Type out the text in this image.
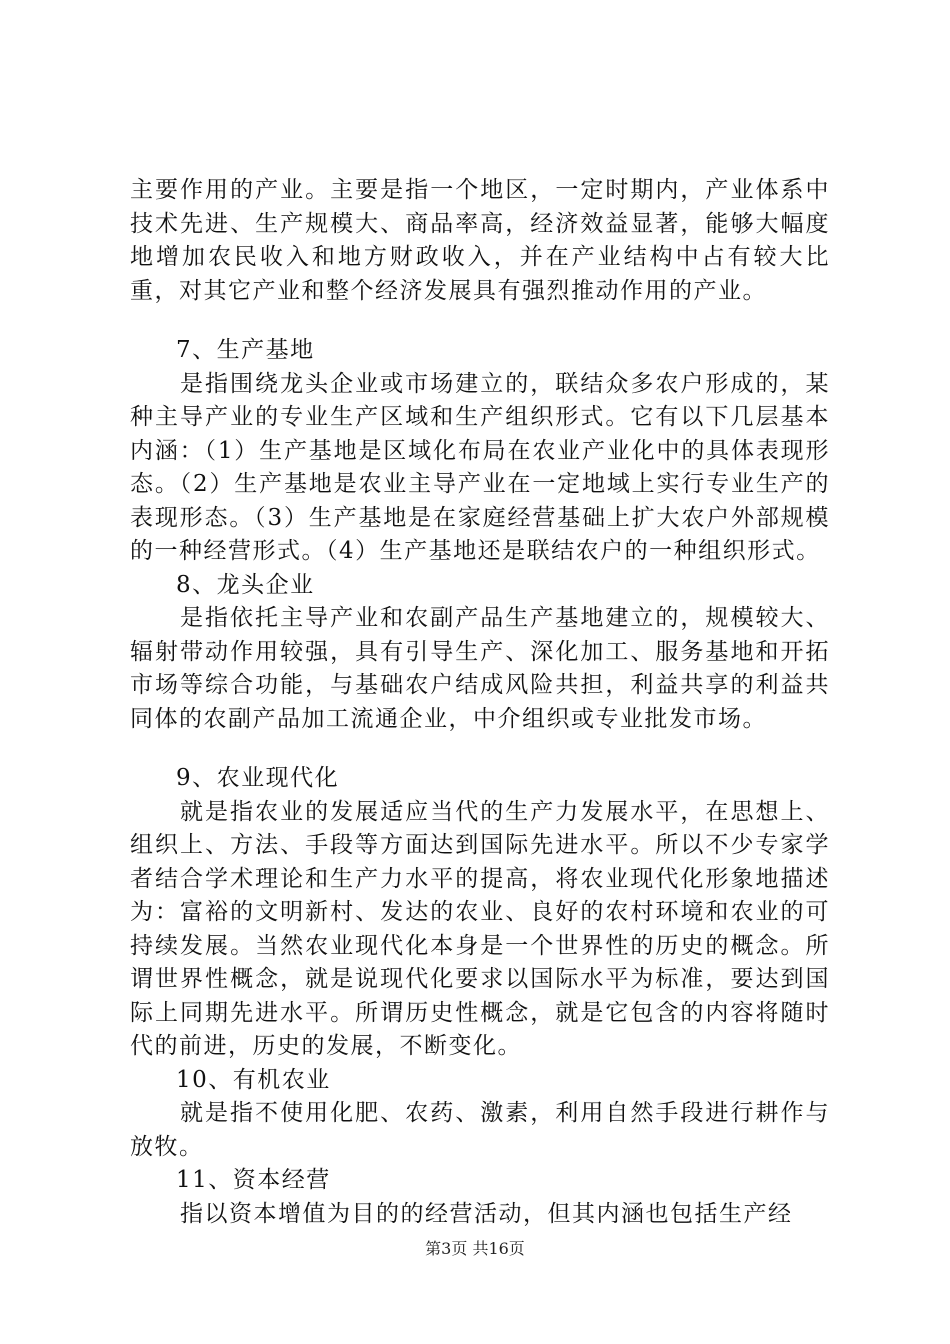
主要作用的产业。主要是指一个地区，一定时期内，产业体系中技术先进、生产规模大、商品率高，经济效益显著，能够大幅度地增加农民收入和地方财政收入，并在产业结构中占有较大比重，对其它产业和整个经济发展具有强烈推动作用的产业。

7、生产基地

是指围绕龙头企业或市场建立的，联结众多农户形成的，某种主导产业的专业生产区域和生产组织形式。它有以下几层基本内涵：（1）生产基地是区域化布局在农业产业化中的具体表现形态。（2）生产基地是农业主导产业在一定地域上实行专业生产的表现形态。（3）生产基地是在家庭经营基础上扩大农户外部规模的一种经营形式。（4）生产基地还是联结农户的一种组织形式。

8、龙头企业

是指依托主导产业和农副产品生产基地建立的，规模较大、辐射带动作用较强，具有引导生产、深化加工、服务基地和开拓市场等综合功能，与基础农户结成风险共担，利益共享的利益共同体的农副产品加工流通企业，中介组织或专业批发市场。

9、农业现代化

就是指农业的发展适应当代的生产力发展水平，在思想上、组织上、方法、手段等方面达到国际先进水平。所以不少专家学者结合学术理论和生产力水平的提高，将农业现代化形象地描述为：富裕的文明新村、发达的农业、良好的农村环境和农业的可持续发展。当然农业现代化本身是一个世界性的历史的概念。所谓世界性概念，就是说现代化要求以国际水平为标准，要达到国际上同期先进水平。所谓历史性概念，就是它包含的内容将随时代的前进，历史的发展，不断变化。

10、有机农业

就是指不使用化肥、农药、激素，利用自然手段进行耕作与放牧。

11、资本经营

指以资本增值为目的的经营活动，但其内涵也包括生产经

第3页 共16页
